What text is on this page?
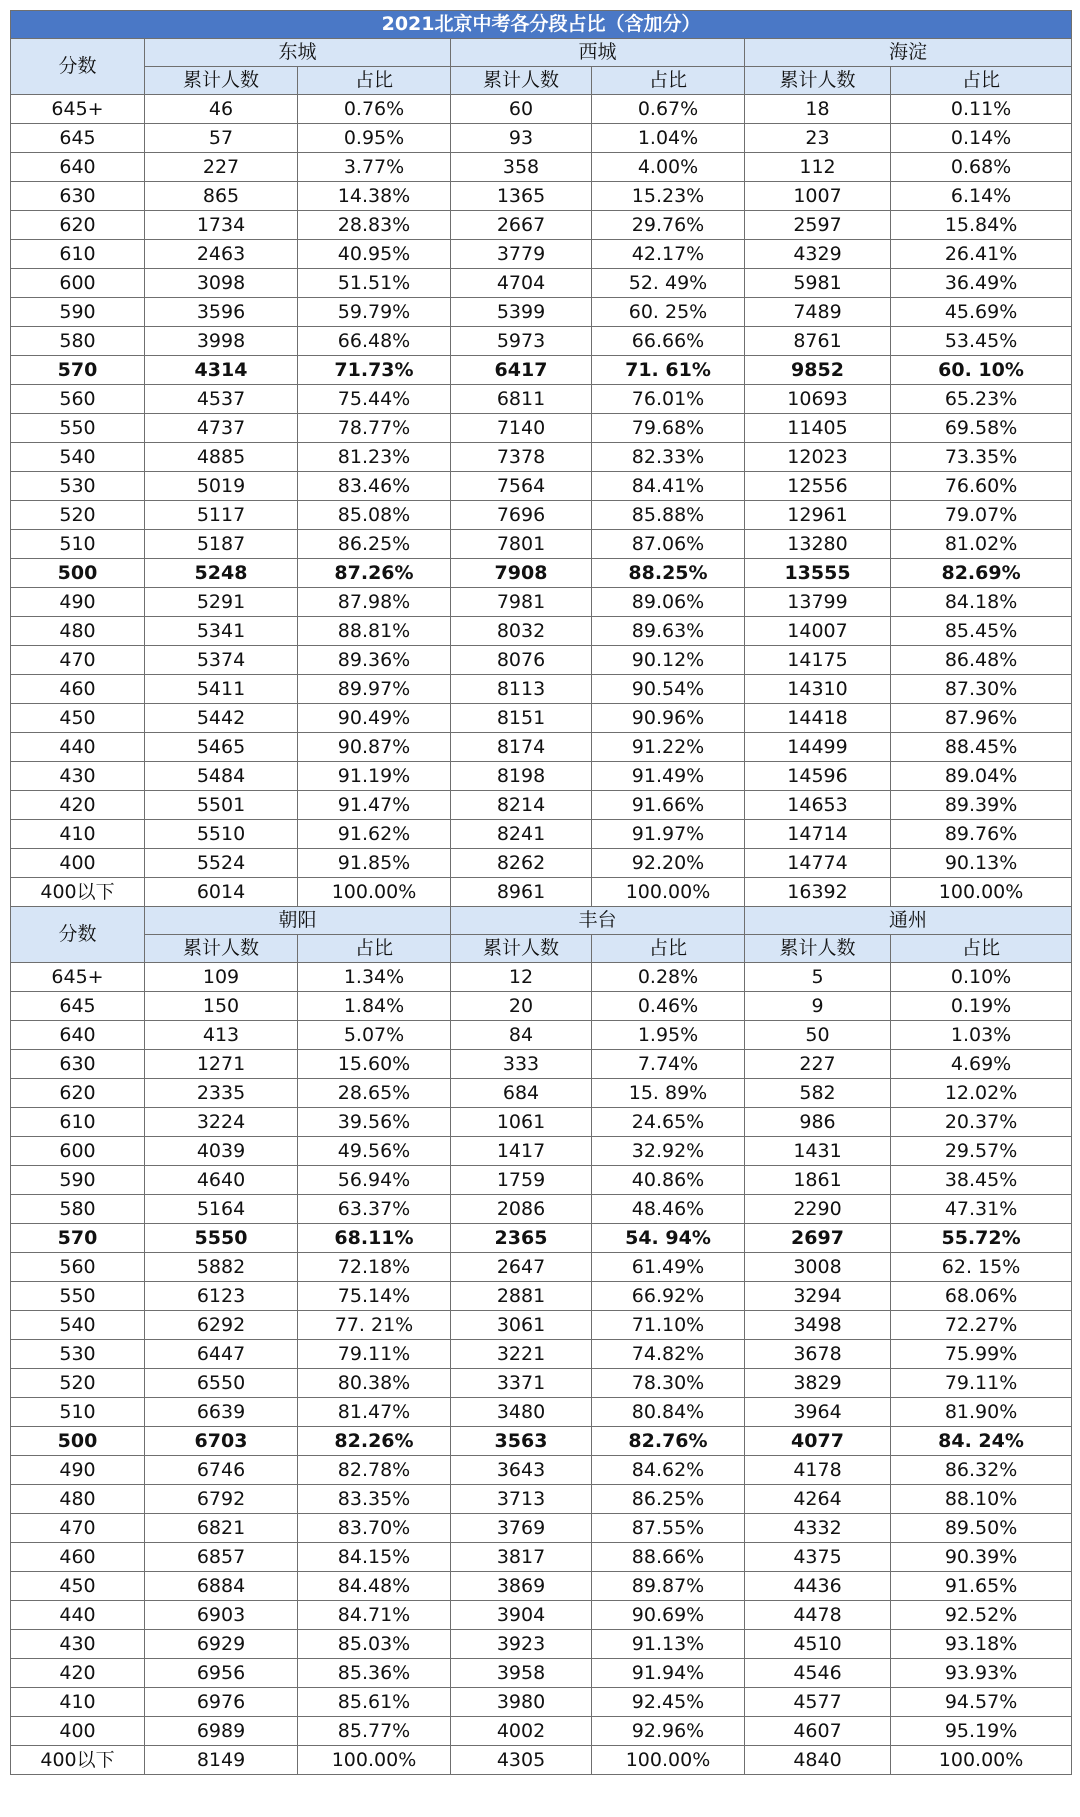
2021北京中考各分段占比（含加分）						
分数	东城		西城		海淀	
	累计人数	占比	累计人数	占比	累计人数	占比
645+	46	0.76%	60	0.67%	18	0.11%
645	57	0.95%	93	1.04%	23	0.14%
640	227	3.77%	358	4.00%	112	0.68%
630	865	14.38%	1365	15.23%	1007	6.14%
620	1734	28.83%	2667	29.76%	2597	15.84%
610	2463	40.95%	3779	42.17%	4329	26.41%
600	3098	51.51%	4704	52. 49%	5981	36.49%
590	3596	59.79%	5399	60. 25%	7489	45.69%
580	3998	66.48%	5973	66.66%	8761	53.45%
570	4314	71.73%	6417	71. 61%	9852	60. 10%
560	4537	75.44%	6811	76.01%	10693	65.23%
550	4737	78.77%	7140	79.68%	11405	69.58%
540	4885	81.23%	7378	82.33%	12023	73.35%
530	5019	83.46%	7564	84.41%	12556	76.60%
520	5117	85.08%	7696	85.88%	12961	79.07%
510	5187	86.25%	7801	87.06%	13280	81.02%
500	5248	87.26%	7908	88.25%	13555	82.69%
490	5291	87.98%	7981	89.06%	13799	84.18%
480	5341	88.81%	8032	89.63%	14007	85.45%
470	5374	89.36%	8076	90.12%	14175	86.48%
460	5411	89.97%	8113	90.54%	14310	87.30%
450	5442	90.49%	8151	90.96%	14418	87.96%
440	5465	90.87%	8174	91.22%	14499	88.45%
430	5484	91.19%	8198	91.49%	14596	89.04%
420	5501	91.47%	8214	91.66%	14653	89.39%
410	5510	91.62%	8241	91.97%	14714	89.76%
400	5524	91.85%	8262	92.20%	14774	90.13%
400以下	6014	100.00%	8961	100.00%	16392	100.00%
分数	朝阳		丰台		通州	
	累计人数	占比	累计人数	占比	累计人数	占比
645+	109	1.34%	12	0.28%	5	0.10%
645	150	1.84%	20	0.46%	9	0.19%
640	413	5.07%	84	1.95%	50	1.03%
630	1271	15.60%	333	7.74%	227	4.69%
620	2335	28.65%	684	15. 89%	582	12.02%
610	3224	39.56%	1061	24.65%	986	20.37%
600	4039	49.56%	1417	32.92%	1431	29.57%
590	4640	56.94%	1759	40.86%	1861	38.45%
580	5164	63.37%	2086	48.46%	2290	47.31%
570	5550	68.11%	2365	54. 94%	2697	55.72%
560	5882	72.18%	2647	61.49%	3008	62. 15%
550	6123	75.14%	2881	66.92%	3294	68.06%
540	6292	77. 21%	3061	71.10%	3498	72.27%
530	6447	79.11%	3221	74.82%	3678	75.99%
520	6550	80.38%	3371	78.30%	3829	79.11%
510	6639	81.47%	3480	80.84%	3964	81.90%
500	6703	82.26%	3563	82.76%	4077	84. 24%
490	6746	82.78%	3643	84.62%	4178	86.32%
480	6792	83.35%	3713	86.25%	4264	88.10%
470	6821	83.70%	3769	87.55%	4332	89.50%
460	6857	84.15%	3817	88.66%	4375	90.39%
450	6884	84.48%	3869	89.87%	4436	91.65%
440	6903	84.71%	3904	90.69%	4478	92.52%
430	6929	85.03%	3923	91.13%	4510	93.18%
420	6956	85.36%	3958	91.94%	4546	93.93%
410	6976	85.61%	3980	92.45%	4577	94.57%
400	6989	85.77%	4002	92.96%	4607	95.19%
400以下	8149	100.00%	4305	100.00%	4840	100.00%
